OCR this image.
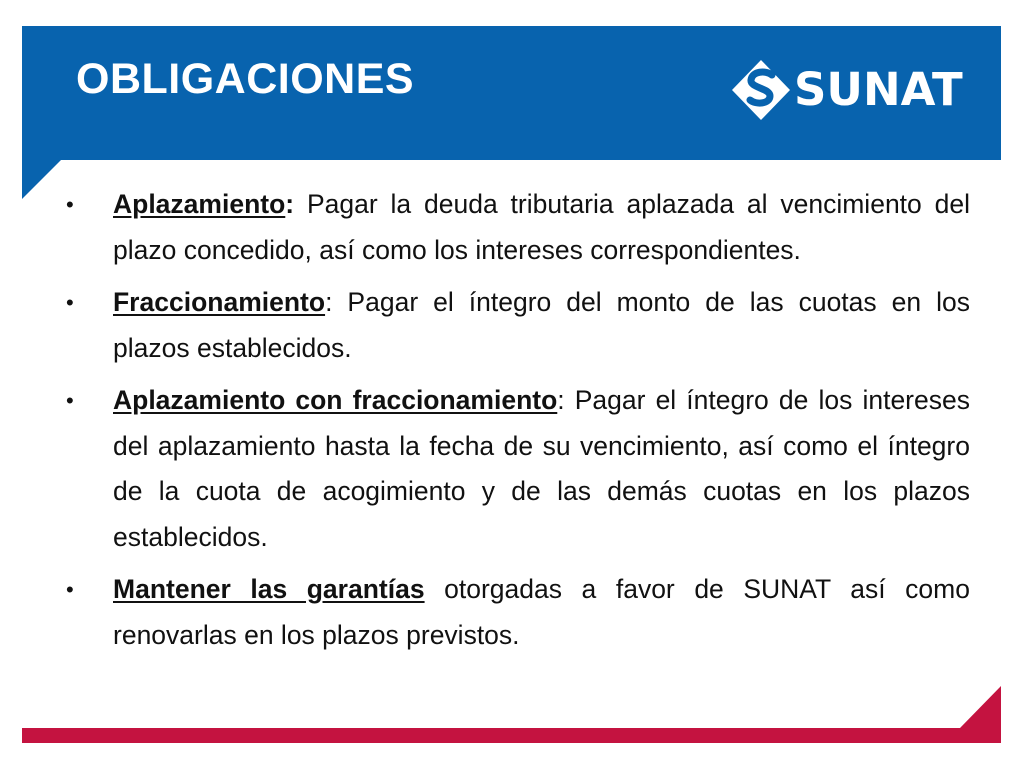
OBLIGACIONES	SUNAT
• Aplazamiento: Pagar la deuda tributaria aplazada al vencimiento del plazo concedido, así como los intereses correspondientes.
• Fraccionamiento: Pagar el íntegro del monto de las cuotas en los plazos establecidos.
• Aplazamiento con fraccionamiento: Pagar el íntegro de los intereses del aplazamiento hasta la fecha de su vencimiento, así como el íntegro de la cuota de acogimiento y de las demás cuotas en los plazos establecidos.
• Mantener las garantías otorgadas a favor de SUNAT así como renovarlas en los plazos previstos.
